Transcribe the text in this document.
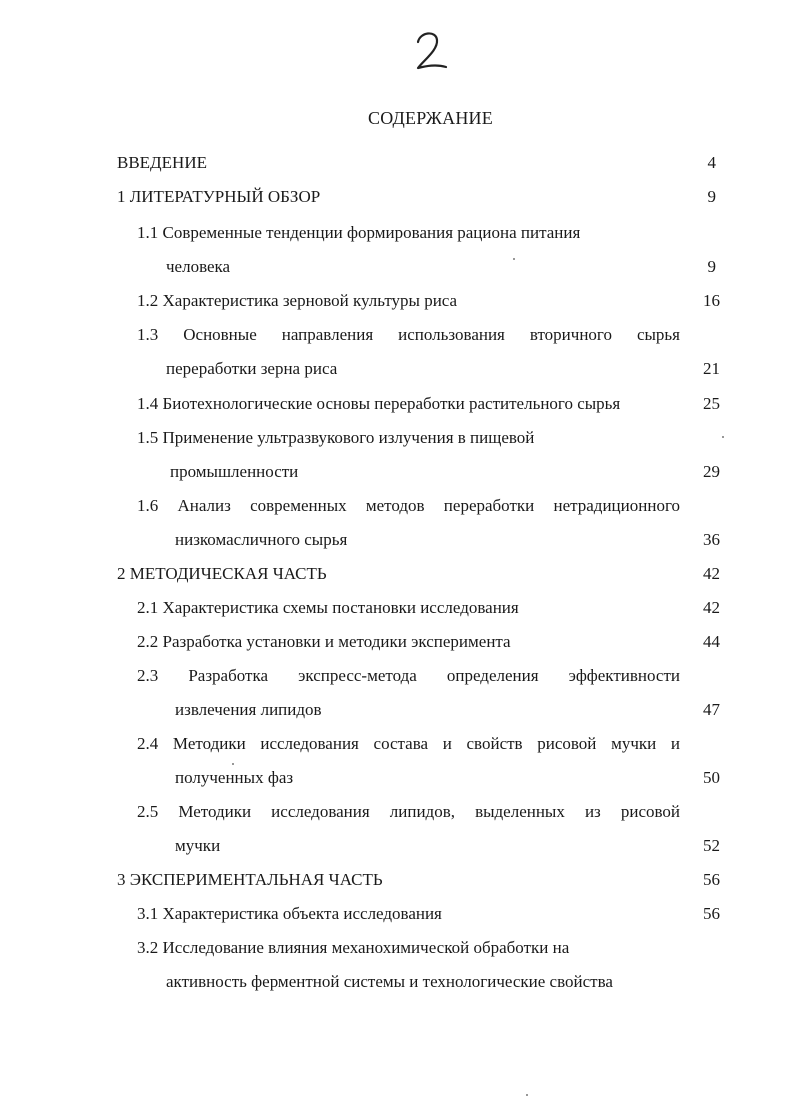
СОДЕРЖАНИЕ
ВВЕДЕНИЕ	4
1 ЛИТЕРАТУРНЫЙ ОБЗОР	9
1.1 Современные тенденции формирования рациона питания
человека	9
1.2 Характеристика зерновой культуры риса	16
1.3 Основные направления использования вторичного сырья
переработки зерна риса	21
1.4 Биотехнологические основы переработки растительного сырья	25
1.5 Применение ультразвукового излучения в пищевой
промышленности	29
1.6 Анализ современных методов переработки нетрадиционного
низкомасличного сырья	36
2 МЕТОДИЧЕСКАЯ ЧАСТЬ	42
2.1 Характеристика схемы постановки исследования	42
2.2 Разработка установки и методики эксперимента	44
2.3 Разработка экспресс-метода определения эффективности
извлечения липидов	47
2.4 Методики исследования состава и свойств рисовой мучки и
полученных фаз	50
2.5 Методики исследования липидов, выделенных из рисовой
мучки	52
3 ЭКСПЕРИМЕНТАЛЬНАЯ ЧАСТЬ	56
3.1 Характеристика объекта исследования	56
3.2 Исследование влияния механохимической обработки на
активность ферментной системы и технологические свойства
